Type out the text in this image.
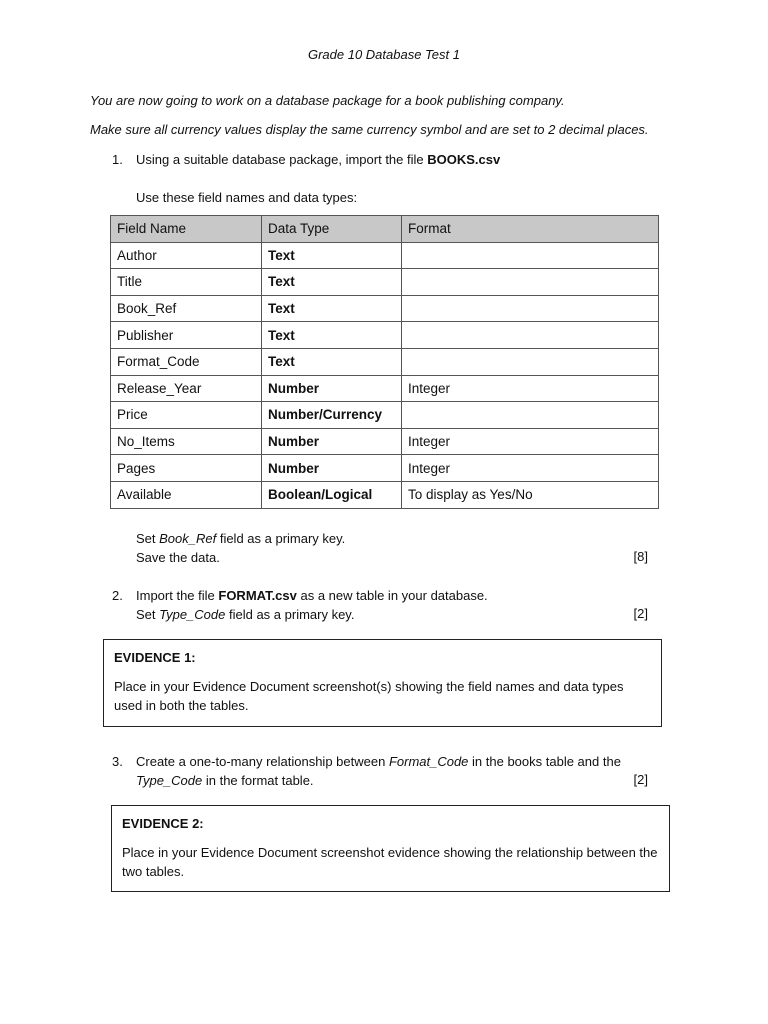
Grade 10 Database Test 1
You are now going to work on a database package for a book publishing company.
Make sure all currency values display the same currency symbol and are set to 2 decimal places.
1. Using a suitable database package, import the file BOOKS.csv
Use these field names and data types:
Field Name	Data Type	Format
Author	Text	
Title	Text	
Book_Ref	Text	
Publisher	Text	
Format_Code	Text	
Release_Year	Number	Integer
Price	Number/Currency	
No_Items	Number	Integer
Pages	Number	Integer
Available	Boolean/Logical	To display as Yes/No
Set Book_Ref field as a primary key.
Save the data.	[8]
2. Import the file FORMAT.csv as a new table in your database.
Set Type_Code field as a primary key.	[2]
EVIDENCE 1:
Place in your Evidence Document screenshot(s) showing the field names and data types used in both the tables.
3. Create a one-to-many relationship between Format_Code in the books table and the
Type_Code in the format table.	[2]
EVIDENCE 2:
Place in your Evidence Document screenshot evidence showing the relationship between the two tables.
